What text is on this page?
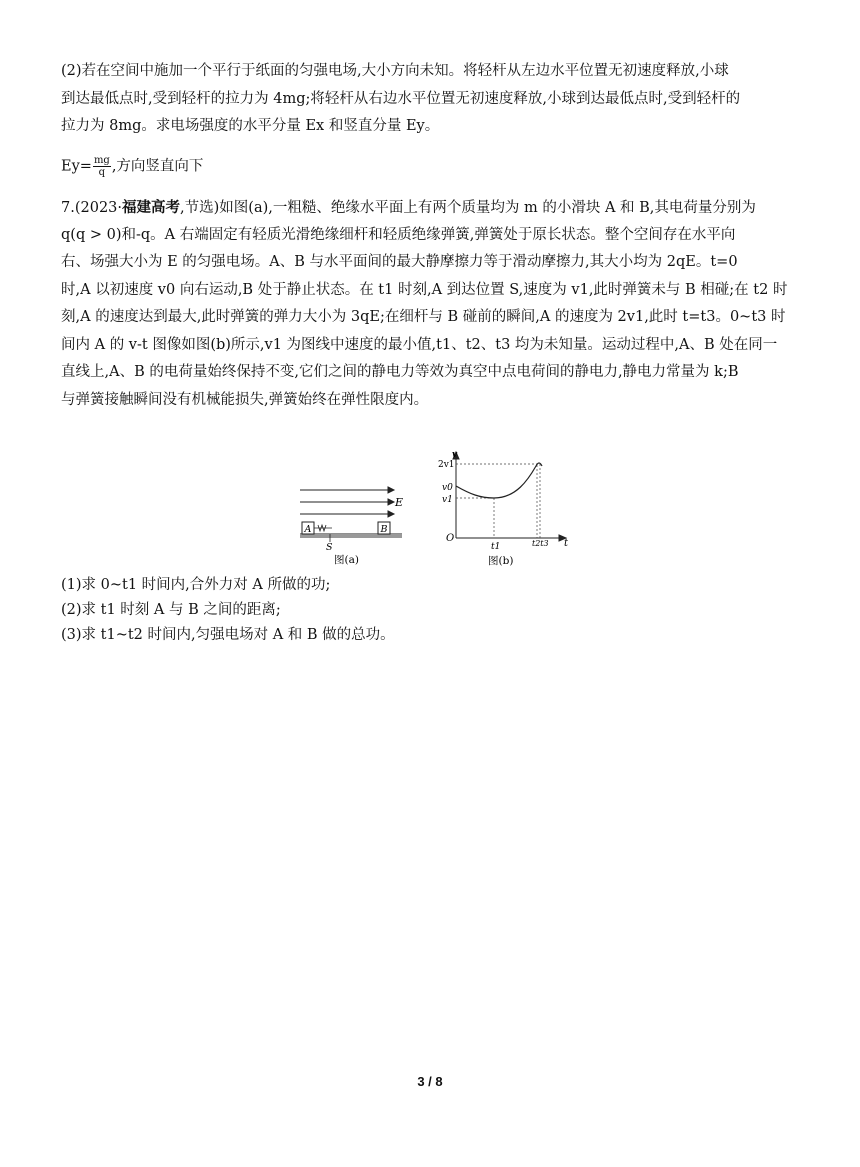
(2)若在空间中施加一个平行于纸面的匀强电场,大小方向未知。将轻杆从左边水平位置无初速度释放,小球
到达最低点时,受到轻杆的拉力为 4mg;将轻杆从右边水平位置无初速度释放,小球到达最低点时,受到轻杆的
拉力为 8mg。求电场强度的水平分量 Ex 和竖直分量 Ey。
$Ey= \frac{mg}{q}$ ,方向竖直向下
7.(2023·福建高考,节选)如图(a),一粗糙、绝缘水平面上有两个质量均为 m 的小滑块 A 和 B,其电荷量分别为
q(q > 0)和-q。A 右端固定有轻质光滑绝缘细杆和轻质绝缘弹簧,弹簧处于原长状态。整个空间存在水平向
右、场强大小为 E 的匀强电场。A、B 与水平面间的最大静摩擦力等于滑动摩擦力,其大小均为 2qE。t=0
时,A 以初速度 v0 向右运动,B 处于静止状态。在 t1 时刻,A 到达位置 S,速度为 v1,此时弹簧未与 B 相碰;在 t2 时
刻,A 的速度达到最大,此时弹簧的弹力大小为 3qE;在细杆与 B 碰前的瞬间,A 的速度为 2v1,此时 t=t3。0~t3 时
间内 A 的 v-t 图像如图(b)所示,v1 为图线中速度的最小值,t1、t2、t3 均为未知量。运动过程中,A、B 处在同一
直线上,A、B 的电荷量始终保持不变,它们之间的静电力等效为真空中点电荷间的静电力,静电力常量为 k;B
与弹簧接触瞬间没有机械能损失,弹簧始终在弹性限度内。
E
A	B
S
图(a)
v
t
O
2v1
v0
v1
t1	t2t3
图(b)
(1)求 0~t1 时间内,合外力对 A 所做的功;
(2)求 t1 时刻 A 与 B 之间的距离;
(3)求 t1~t2 时间内,匀强电场对 A 和 B 做的总功。
3 / 8
